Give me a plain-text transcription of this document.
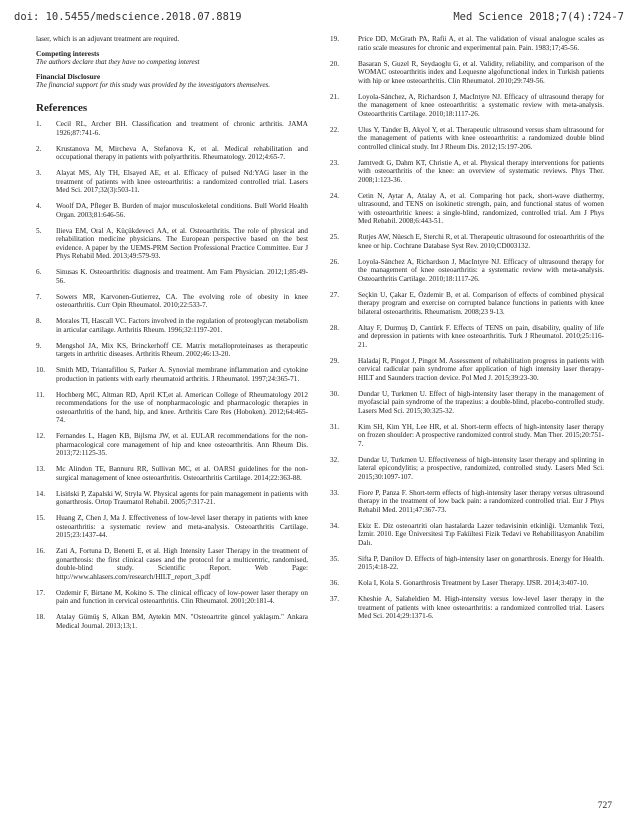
doi: 10.5455/medscience.2018.07.8819	Med Science 2018;7(4):724-7

laser, which is an adjuvant treatment are required.

Competing interests

The authors declare that they have no competing interest

Financial Disclosure

The financial support for this study was provided by the investigators themselves.

References
1. Cecil RL, Archer BH. Classification and treatment of chronic arthritis. JAMA 1926;87:741-6.
2. Krustanova M, Mircheva A, Stefanova K, et al. Medical rehabilitation and occupational therapy in patients with polyarthritis. Rheumatology. 2012;4:65-7.
3. Alayat MS, Aly TH, Elsayed AE, et al. Efficacy of pulsed Nd:YAG laser in the treatment of patients with knee osteoarthritis: a randomized controlled trial. Lasers Med Sci. 2017;32(3):503-11.
4. Woolf DA, Pfleger B. Burden of major musculoskeletal conditions. Bull World Health Organ. 2003;81:646-56.
5. Ilieva EM, Oral A, Küçükdeveci AA, et al. Osteoarthritis. The role of physical and rehabilitation medicine physicians. The European perspective based on the best evidence. A paper by the UEMS-PRM Section Professional Practice Committee. Eur J Phys Rehabil Med. 2013;49:579-93.
6. Sinusas K. Osteoarthritis: diagnosis and treatment. Am Fam Physician. 2012;1;85:49-56.
7. Sowers MR, Karvonen-Gutierrez, CA. The evolving role of obesity in knee osteoarthritis. Curr Opin Rheumatol. 2010;22:533-7.
8. Morales TI, Hascall VC. Factors involved in the regulation of proteoglycan metabolism in articular cartilage. Arthritis Rheum. 1996;32:1197-201.
9. Mengshol JA, Mix KS, Brinckerhoff CE. Matrix metalloproteinases as therapeutic targets in arthritic diseases. Arthritis Rheum. 2002;46:13-20.
10. Smith MD, Triantafillou S, Parker A. Synovial membrane inflammation and cytokine production in patients with early rheumatoid arthritis. J Rheumatol. 1997;24:365-71.
11. Hochberg MC, Altman RD, April KT,et al. American College of Rheumatology 2012 recommendations for the use of nonpharmacologic and pharmacologic therapies in osteoarthritis of the hand, hip, and knee. Arthritis Care Res (Hoboken). 2012;64:465-74.
12. Fernandes L, Hagen KB, Bijlsma JW, et al. EULAR recommendations for the non-pharmacological core management of hip and knee osteoarthritis. Ann Rheum Dis. 2013;72:1125-35.
13. Mc Alindon TE, Bannuru RR, Sullivan MC, et al. OARSI guidelines for the non-surgical management of knee osteoarthritis. Osteoarthritis Cartilage. 2014;22:363-88.
14. Lisiński P, Zapalski W, Stryła W. Physical agents for pain management in patients with gonarthrosis. Ortop Traumatol Rehabil. 2005;7:317-21.
15. Huang Z, Chen J, Ma J. Effectiveness of low-level laser therapy in patients with knee osteoarthritis: a systematic review and meta-analysis. Osteoarthritis Cartilage. 2015;23:1437-44.
16. Zati A, Fortuna D, Benetti E, et al. High Intensity Laser Therapy in the treatment of gonarthrosis: the first clinical cases and the protocol for a multicentric, randomised, double-blind study. Scientific Report. Web Page: http://www.ahlasers.com/research/HILT_report_3.pdf
17. Ozdemir F, Birtane M, Kokino S. The clinical efficacy of low-power laser therapy on pain and function in cervical osteoarthritis. Clin Rheumatol. 2001;20:181-4.
18. Atalay Gümüş S, Alkan BM, Aytekin MN. "Osteoartrite güncel yaklaşım." Ankara Medical Journal. 2013;13;1.
19.	Price DD, McGrath PA, Rafii A, et al. The validation of visual analogue scales as ratio scale measures for chronic and experimental pain. Pain. 1983;17;45-56.
20.	Basaran S, Guzel R, Seydaoglu G, et al. Validity, reliability, and comparison of the WOMAC osteoarthritis index and Lequesne algofunctional index in Turkish patients with hip or knee osteoarthritis. Clin Rheumatol. 2010;29:749-56.
21.	Loyola-Sánchez, A, Richardson J, MacIntyre NJ. Efficacy of ultrasound therapy for the management of knee osteoarthritis: a systematic review with meta-analysis. Osteoarthritis Cartilage. 2010;18:1117-26.
22.	Ulus Y, Tander B, Akyol Y, et al. Therapeutic ultrasound versus sham ultrasound for the management of patients with knee osteoarthritis: a randomized double blind controlled clinical study. Int J Rheum Dis. 2012;15:197-206.
23.	Jamtvedt G, Dahm KT, Christie A, et al. Physical therapy interventions for patients with osteoarthritis of the knee: an overview of systematic reviews. Phys Ther. 2008;1:123-36.
24.	Cetin N, Aytar A, Atalay A, et al. Comparing hot pack, short-wave diathermy, ultrasound, and TENS on isokinetic strength, pain, and functional status of women with osteoarthritic knees: a single-blind, randomized, controlled trial. Am J Phys Med Rehabil. 2008;6:443-51.
25.	Rutjes AW, Nüesch E, Sterchi R, et al. Therapeutic ultrasound for osteoarthritis of the knee or hip. Cochrane Database Syst Rev. 2010;CD003132.
26.	Loyola-Sánchez A, Richardson J, MacIntyre NJ. Efficacy of ultrasound therapy for the management of knee osteoarthritis: a systematic review with meta-analysis. Osteoarthritis Cartilage. 2010;18:1117-26.
27.	Seçkin U, Çakar E, Özdemir B, et al. Comparison of effects of combined physical therapy program and exercise on corrupted balance functions in patients with knee bilateral osteoarthritis. Rheumatism. 2008;23 9-13.
28.	Altay F, Durmuş D, Cantürk F. Effects of TENS on pain, disability, quality of life and depression in patients with knee osteoarthritis. Turk J Rheumatol. 2010;25:116-21.
29.	Haladaj R, Pingot J, Pingot M. Assessment of rehabilitation progress in patients with cervical radicular pain syndrome after application of high intensity laser therapy-HILT and Saunders traction device. Pol Med J. 2015;39:23-30.
30.	Dundar U, Turkmen U. Effect of high-intensity laser therapy in the management of myofascial pain syndrome of the trapezius: a double-blind, placebo-controlled study. Lasers Med Sci. 2015;30:325-32.
31.	Kim SH, Kim YH, Lee HR, et al. Short-term effects of high-intensity laser therapy on frozen shoulder: A prospective randomized control study. Man Ther. 2015;20:751-7.
32.	Dundar U, Turkmen U. Effectiveness of high-intensity laser therapy and splinting in lateral epicondylitis; a prospective, randomized, controlled study. Lasers Med Sci. 2015;30:1097-107.
33.	Fiore P, Panza F. Short-term effects of high-intensity laser therapy versus ultrasound therapy in the treatment of low back pain: a randomized controlled trial. Eur J Phys Rehabil Med. 2011;47:367-73.
34.	Ekiz E. Diz osteoartriti olan hastalarda Lazer tedavisinin etkinliği. Uzmanlık Tezi, İzmir. 2010. Ege Üniversitesi Tıp Fakültesi Fizik Tedavi ve Rehabilitasyon Anabilim Dalı.
35.	Sifta P, Danilov D. Effects of high-intensity laser on gonarthrosis. Energy for Health. 2015;4:18-22.
36.	Kola I, Kola S. Gonarthrosis Treatment by Laser Therapy. IJSR. 2014;3:407-10.
37.	Kheshie A, Salaheldien M. High-intensity versus low-level laser therapy in the treatment of patients with knee osteoarthritis: a randomized controlled trial. Lasers Med Sci. 2014;29:1371-6.
727
